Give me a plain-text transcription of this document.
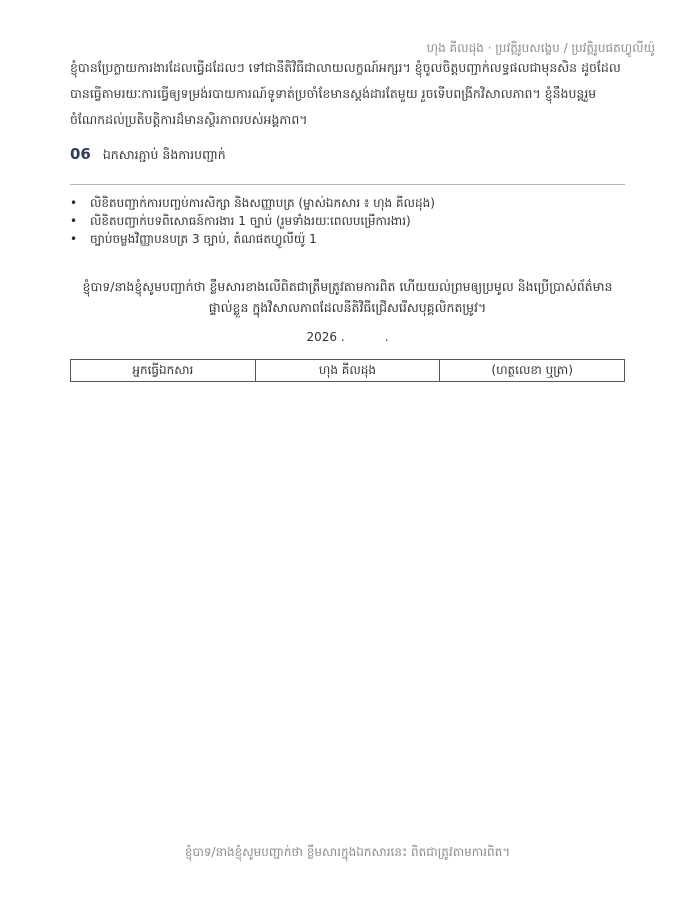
ហុង គីលដុង · ប្រវត្តិរូបសង្ខេប / ប្រវត្តិរូបផតហ្វូលីយ៉ូ

ខ្ញុំបានប្រែក្លាយការងារដែលធ្វើដដែលៗ ទៅជានីតិវិធីជាលាយលក្ខណ៍អក្សរ។ ខ្ញុំចូលចិត្តបញ្ជាក់លទ្ធផលជាមុនសិន ដូចដែលបានធ្វើតាមរយៈការធ្វើឲ្យទម្រង់របាយការណ៍ទូទាត់ប្រចាំខែមានស្តង់ដារតែមួយ រួចទើបពង្រីកវិសាលភាព។ ខ្ញុំនឹងបន្តរួមចំណែកដល់ប្រតិបត្តិការដ៏មានស្ថិរភាពរបស់អង្គភាព។

06 ឯកសារភ្ជាប់ និងការបញ្ជាក់
• លិខិតបញ្ជាក់ការបញ្ចប់ការសិក្សា និងសញ្ញាបត្រ (ម្ចាស់ឯកសារ ៖ ហុង គីលដុង)
• លិខិតបញ្ជាក់បទពិសោធន៍ការងារ 1 ច្បាប់ (រួមទាំងរយៈពេលបម្រើការងារ)
• ច្បាប់ចម្លងវិញ្ញាបនបត្រ 3 ច្បាប់, តំណផតហ្វូលីយ៉ូ 1

ខ្ញុំបាទ/នាងខ្ញុំសូមបញ្ជាក់ថា ខ្លឹមសារខាងលើពិតជាត្រឹមត្រូវតាមការពិត ហើយយល់ព្រមឲ្យប្រមូល និងប្រើប្រាស់ព័ត៌មាន
ផ្ទាល់ខ្លួន ក្នុងវិសាលភាពដែលនីតិវិធីជ្រើសរើសបុគ្គលិកតម្រូវ។

2026 .	.
អ្នកធ្វើឯកសារ	ហុង គីលដុង	(ហត្ថលេខា ឬត្រា)
ខ្ញុំបាទ/នាងខ្ញុំសូមបញ្ជាក់ថា ខ្លឹមសារក្នុងឯកសារនេះ ពិតជាត្រូវតាមការពិត។
